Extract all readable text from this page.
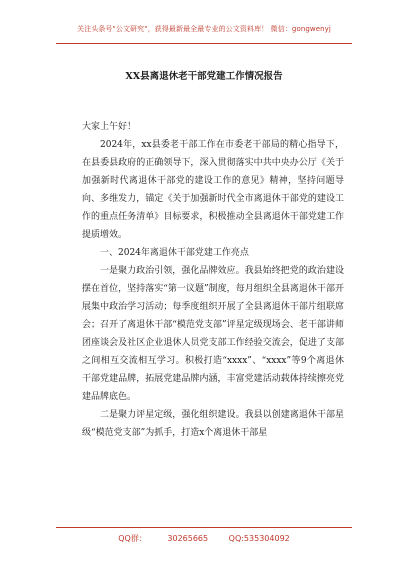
关注头条号"公文研究"，获得最新最全最专业的公文资料库！ 微信：gongwenyj
XX县离退休老干部党建工作情况报告

大家上午好！

2024年，xx县委老干部工作在市委老干部局的精心指导下，在县委县政府的正确领导下，深入贯彻落实中共中央办公厅《关于加强新时代离退休干部党的建设工作的意见》精神，坚持问题导向、多维发力，锚定《关于加强新时代全市离退休干部党的建设工作的重点任务清单》目标要求，积极推动全县离退休干部党建工作提质增效。

一、2024年离退休干部党建工作亮点

一是聚力政治引领，强化品牌效应。我县始终把党的政治建设摆在首位，坚持落实“第一议题”制度，每月组织全县离退休干部开展集中政治学习活动；每季度组织开展了全县离退休干部片组联席会；召开了离退休干部“模范党支部”评星定级现场会、老干部讲师团座谈会及社区企业退休人员党支部工作经验交流会，促进了支部之间相互交流相互学习。积极打造“xxxx”、“xxxx”等9个离退休干部党建品牌，拓展党建品牌内涵，丰富党建活动载体持续擦亮党建品牌底色。

二是聚力评星定级，强化组织建设。我县以创建离退休干部星级“模范党支部”为抓手，打造x个离退休干部星

QQ群： 30265665 QQ:535304092
